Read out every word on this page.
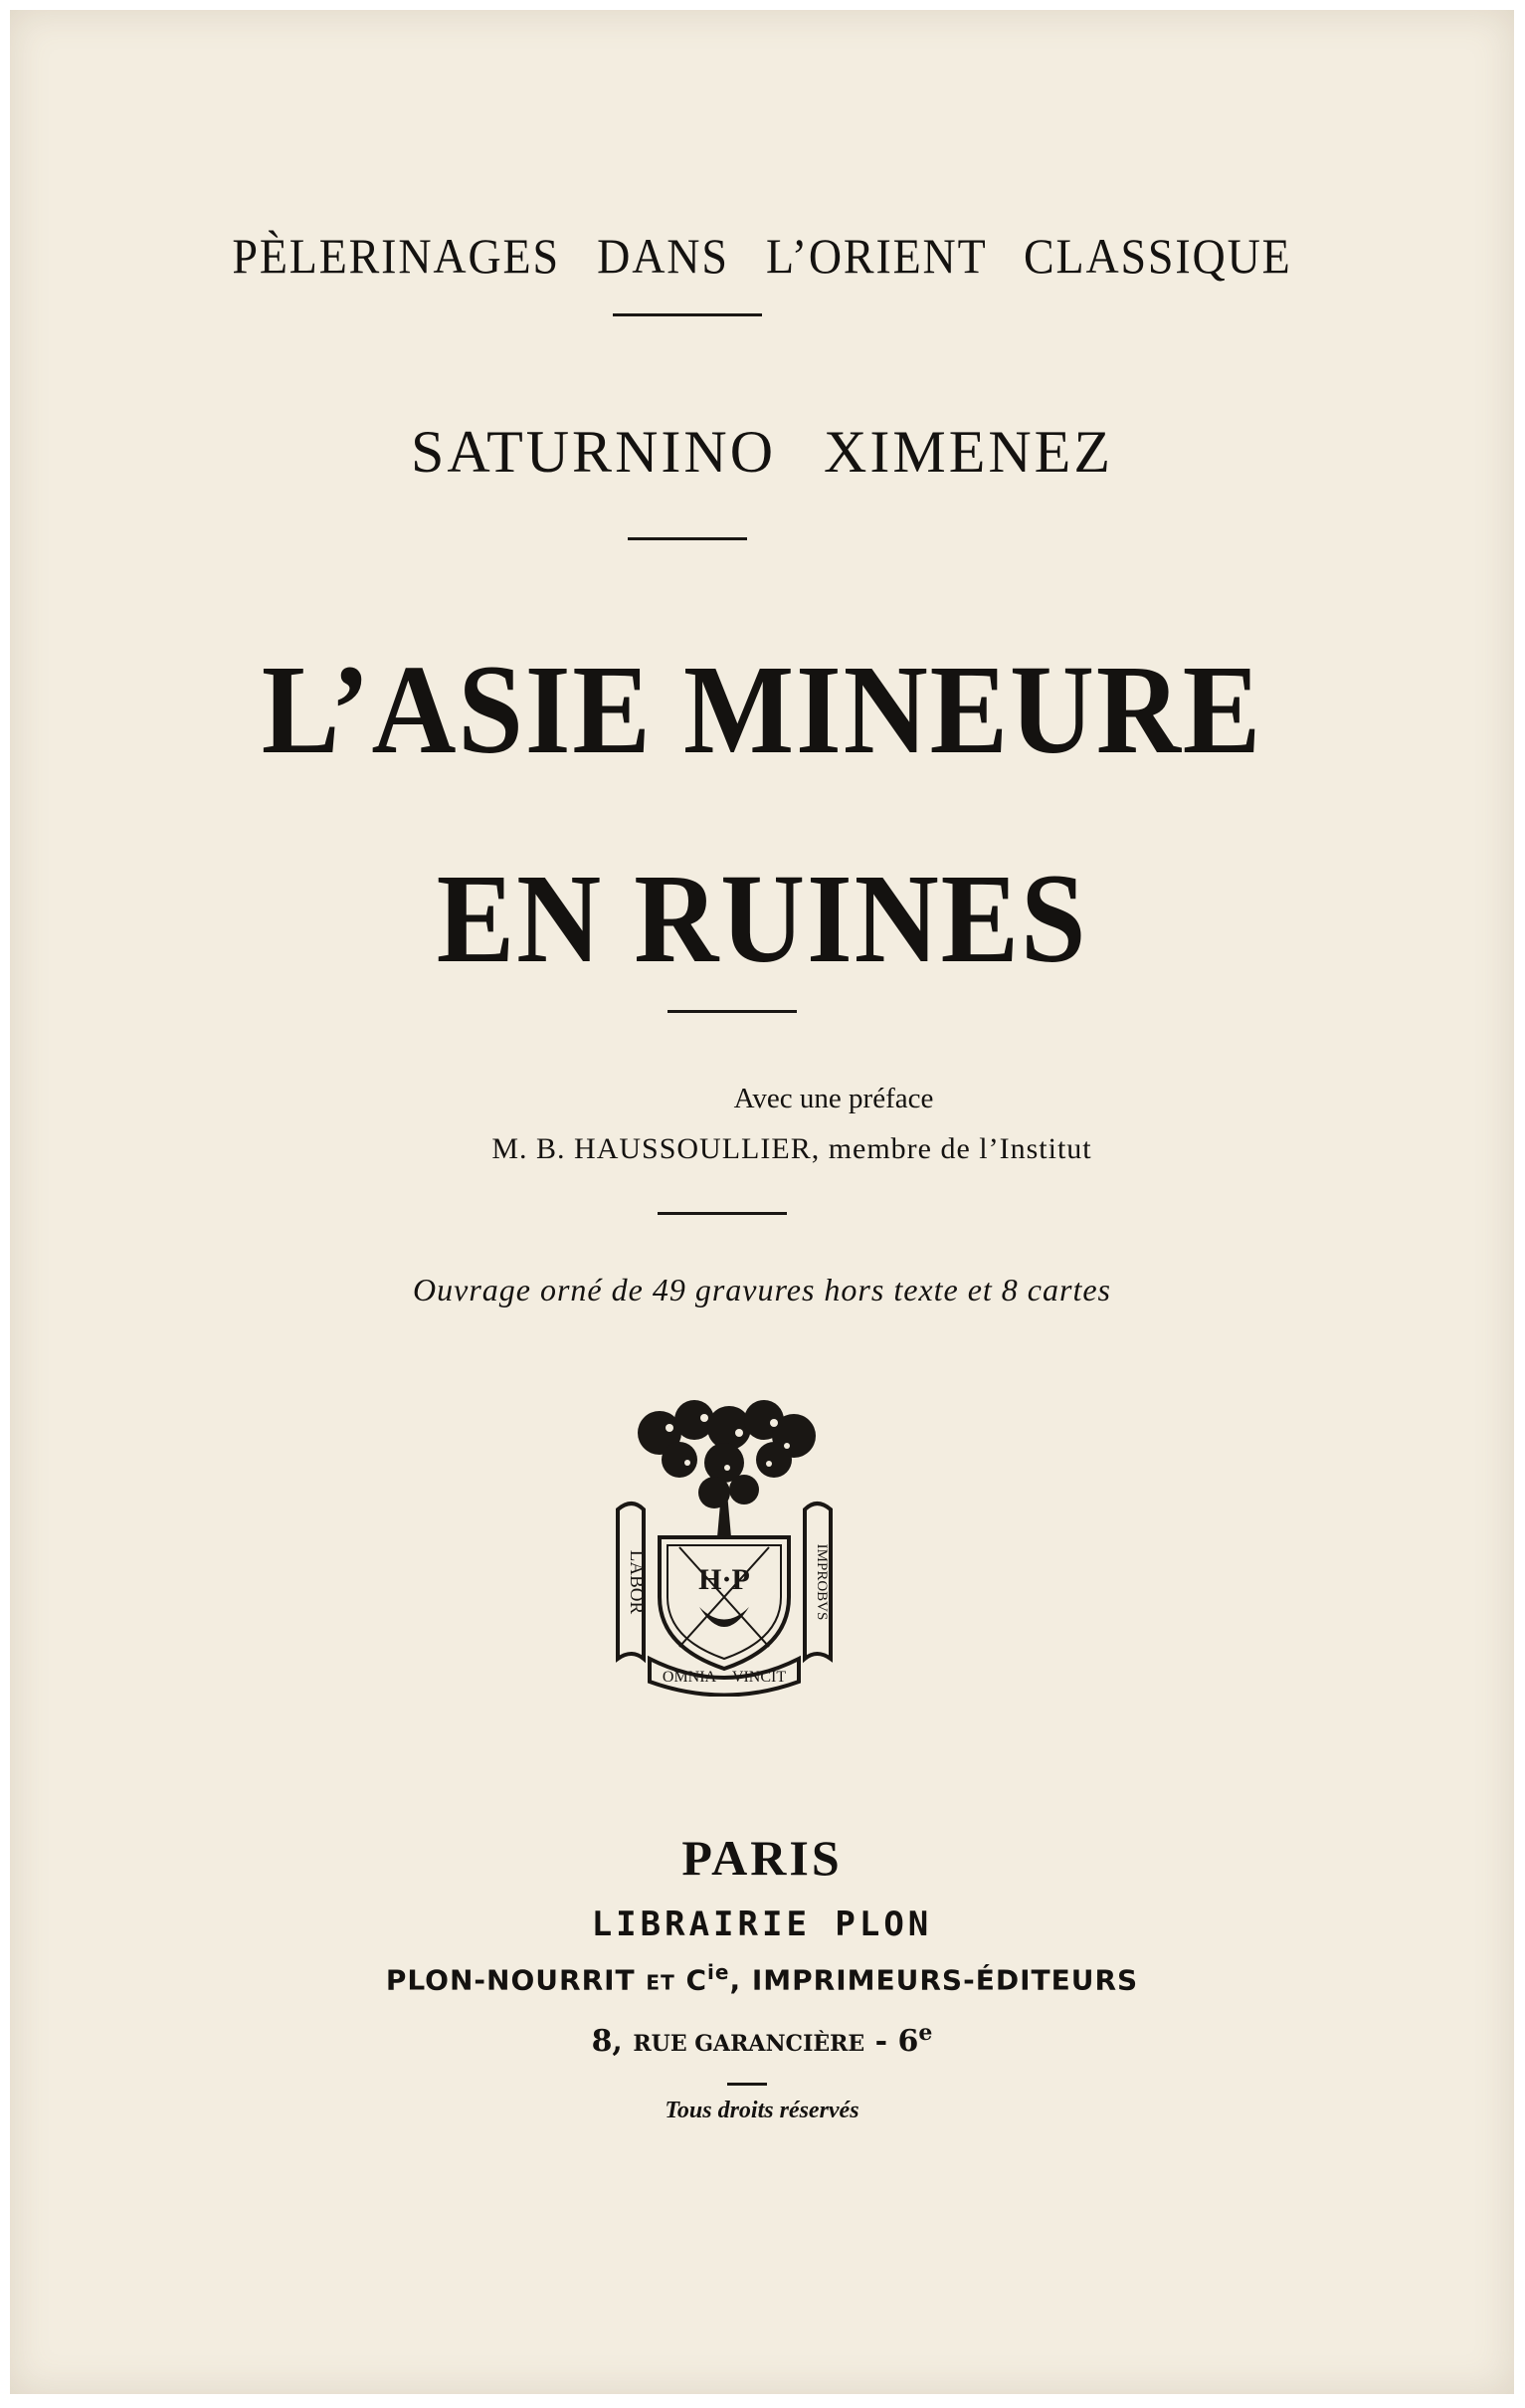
PÈLERINAGES DANS L’ORIENT CLASSIQUE
SATURNINO XIMENEZ
L’ASIE MINEURE
EN RUINES
Avec une préface
M. B. HAUSSOULLIER, membre de l’Institut
Ouvrage orné de 49 gravures hors texte et 8 cartes
LABOR	IMPROBVS
H·P
OMNIA VINCIT
PARIS
LIBRAIRIE PLON
PLON-NOURRIT ET $C^{ie}$, IMPRIMEURS-ÉDITEURS
8, RUE GARANCIÈRE - 6e
Tous droits réservés
